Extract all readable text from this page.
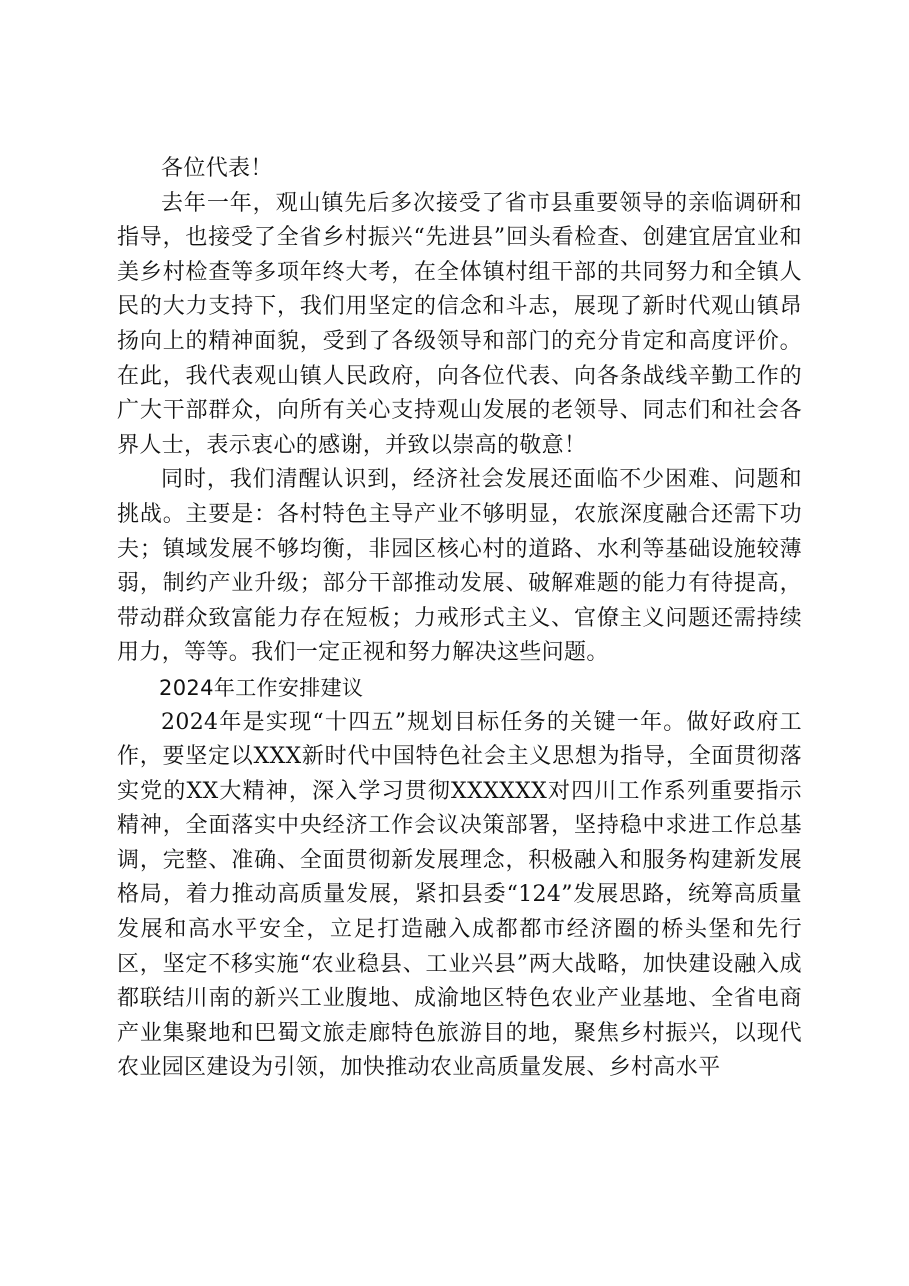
各位代表！

去年一年，观山镇先后多次接受了省市县重要领导的亲临调研和指导，也接受了全省乡村振兴“先进县”回头看检查、创建宜居宜业和美乡村检查等多项年终大考，在全体镇村组干部的共同努力和全镇人民的大力支持下，我们用坚定的信念和斗志，展现了新时代观山镇昂扬向上的精神面貌，受到了各级领导和部门的充分肯定和高度评价。在此，我代表观山镇人民政府，向各位代表、向各条战线辛勤工作的广大干部群众，向所有关心支持观山发展的老领导、同志们和社会各界人士，表示衷心的感谢，并致以崇高的敬意！

同时，我们清醒认识到，经济社会发展还面临不少困难、问题和挑战。主要是：各村特色主导产业不够明显，农旅深度融合还需下功夫；镇域发展不够均衡，非园区核心村的道路、水利等基础设施较薄弱，制约产业升级；部分干部推动发展、破解难题的能力有待提高，带动群众致富能力存在短板；力戒形式主义、官僚主义问题还需持续用力，等等。我们一定正视和努力解决这些问题。

2024年工作安排建议

2024年是实现“十四五”规划目标任务的关键一年。做好政府工作，要坚定以XXX新时代中国特色社会主义思想为指导，全面贯彻落实党的XX大精神，深入学习贯彻XXXXXX对四川工作系列重要指示精神，全面落实中央经济工作会议决策部署，坚持稳中求进工作总基调，完整、准确、全面贯彻新发展理念，积极融入和服务构建新发展格局，着力推动高质量发展，紧扣县委“124”发展思路，统筹高质量发展和高水平安全，立足打造融入成都都市经济圈的桥头堡和先行区，坚定不移实施“农业稳县、工业兴县”两大战略，加快建设融入成都联结川南的新兴工业腹地、成渝地区特色农业产业基地、全省电商产业集聚地和巴蜀文旅走廊特色旅游目的地，聚焦乡村振兴，以现代农业园区建设为引领，加快推动农业高质量发展、乡村高水平
